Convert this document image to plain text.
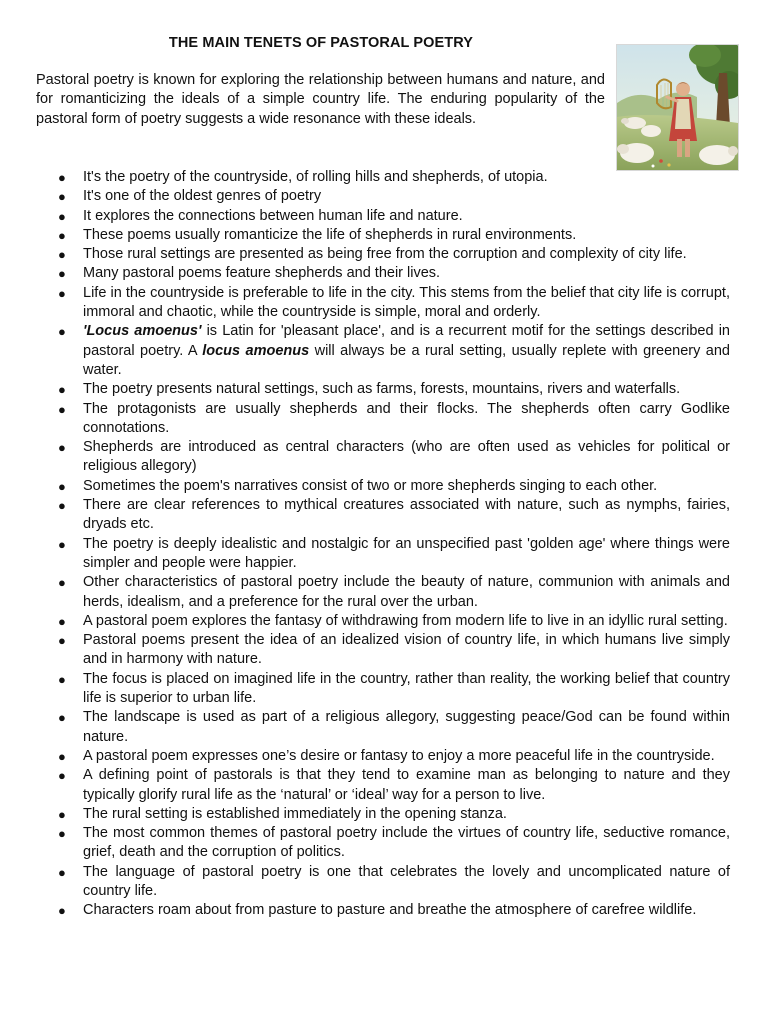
THE MAIN TENETS OF PASTORAL POETRY

Pastoral poetry is known for exploring the relationship between humans and nature, and for romanticizing the ideals of a simple country life. The enduring popularity of the pastoral form of poetry suggests a wide resonance with these ideals.

● It's the poetry of the countryside, of rolling hills and shepherds, of utopia.
● It's one of the oldest genres of poetry
● It explores the connections between human life and nature.
● These poems usually romanticize the life of shepherds in rural environments.
● Those rural settings are presented as being free from the corruption and complexity of city life.
● Many pastoral poems feature shepherds and their lives.
● Life in the countryside is preferable to life in the city. This stems from the belief that city life is corrupt, immoral and chaotic, while the countryside is simple, moral and orderly.
● 'Locus amoenus' is Latin for 'pleasant place', and is a recurrent motif for the settings described in pastoral poetry. A locus amoenus will always be a rural setting, usually replete with greenery and water.
● The poetry presents natural settings, such as farms, forests, mountains, rivers and waterfalls.
● The protagonists are usually shepherds and their flocks. The shepherds often carry Godlike connotations.
● Shepherds are introduced as central characters (who are often used as vehicles for political or religious allegory)
● Sometimes the poem's narratives consist of two or more shepherds singing to each other.
● There are clear references to mythical creatures associated with nature, such as nymphs, fairies, dryads etc.
● The poetry is deeply idealistic and nostalgic for an unspecified past 'golden age' where things were simpler and people were happier.
● Other characteristics of pastoral poetry include the beauty of nature, communion with animals and herds, idealism, and a preference for the rural over the urban.
● A pastoral poem explores the fantasy of withdrawing from modern life to live in an idyllic rural setting.
● Pastoral poems present the idea of an idealized vision of country life, in which humans live simply and in harmony with nature.
● The focus is placed on imagined life in the country, rather than reality, the working belief that country life is superior to urban life.
● The landscape is used as part of a religious allegory, suggesting peace/God can be found within nature.
● A pastoral poem expresses one’s desire or fantasy to enjoy a more peaceful life in the countryside.
● A defining point of pastorals is that they tend to examine man as belonging to nature and they typically glorify rural life as the ‘natural’ or ‘ideal’ way for a person to live.
● The rural setting is established immediately in the opening stanza.
● The most common themes of pastoral poetry include the virtues of country life, seductive romance, grief, death and the corruption of politics.
● The language of pastoral poetry is one that celebrates the lovely and uncomplicated nature of country life.
● Characters roam about from pasture to pasture and breathe the atmosphere of carefree wildlife.
